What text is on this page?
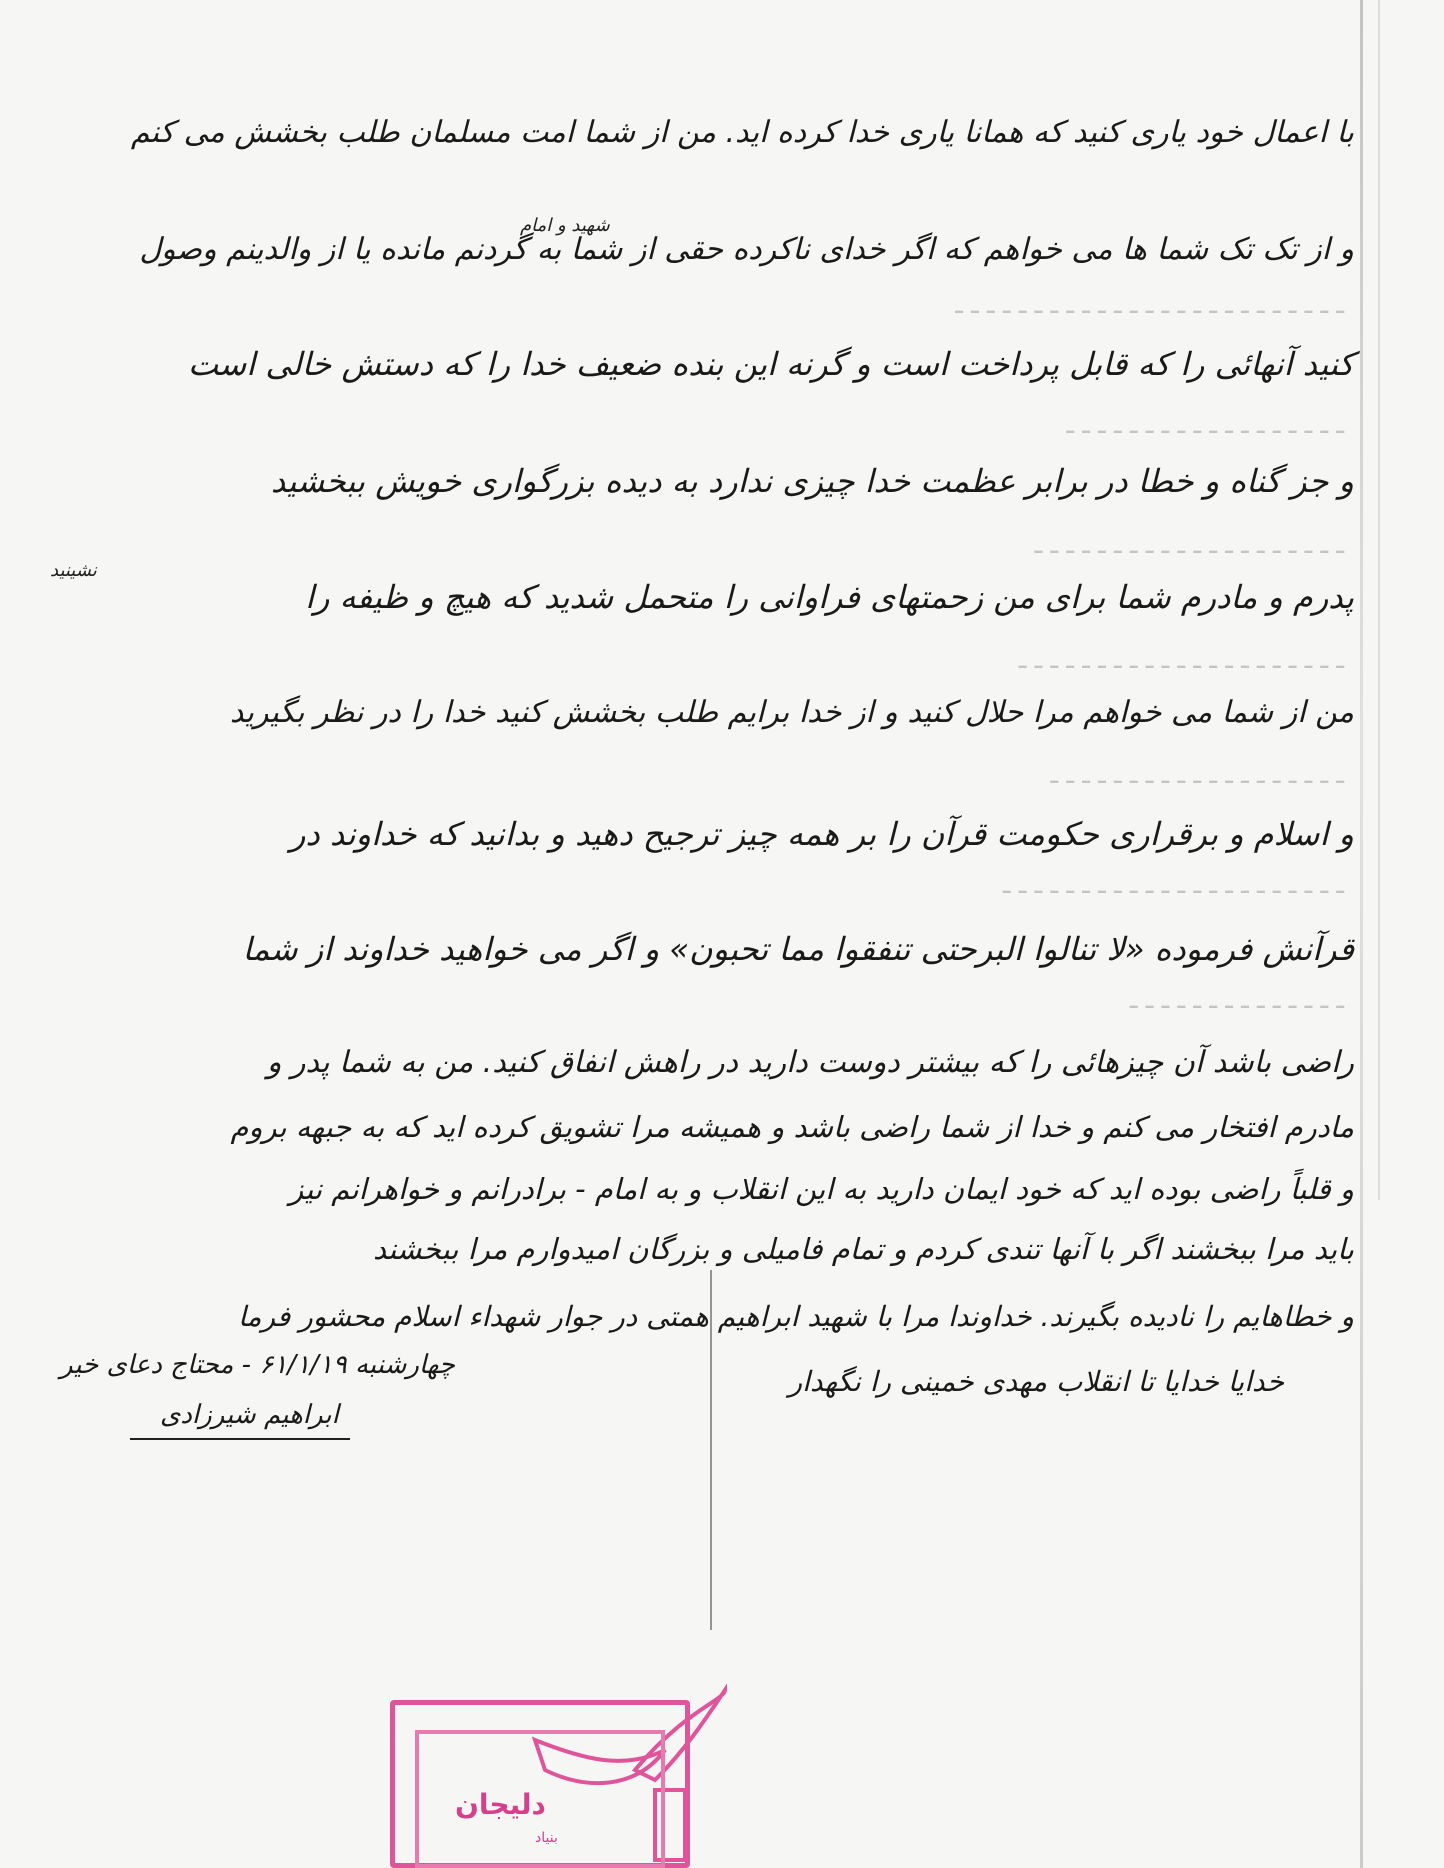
ـ ـ ـ ـ ـ ـ ـ ـ ـ ـ ـ ـ ـ ـ ـ ـ ـ ـ ـ ـ ـ ـ ـ ـ ـ
ـ ـ ـ ـ ـ ـ ـ ـ ـ ـ ـ ـ ـ ـ ـ ـ ـ ـ
ـ ـ ـ ـ ـ ـ ـ ـ ـ ـ ـ ـ ـ ـ ـ ـ ـ ـ ـ ـ
ـ ـ ـ ـ ـ ـ ـ ـ ـ ـ ـ ـ ـ ـ ـ ـ ـ ـ ـ ـ ـ
ـ ـ ـ ـ ـ ـ ـ ـ ـ ـ ـ ـ ـ ـ ـ ـ ـ ـ ـ
ـ ـ ـ ـ ـ ـ ـ ـ ـ ـ ـ ـ ـ ـ ـ ـ ـ ـ ـ ـ ـ ـ
ـ ـ ـ ـ ـ ـ ـ ـ ـ ـ ـ ـ ـ ـ
شهید و امام
نشینید
با اعمال خود یاری کنید که همانا یاری خدا کرده اید. من از شما امت مسلمان طلب بخشش می کنم
و از تک تک شما ها می خواهم که اگر خدای ناکرده حقی از شما به گردنم مانده یا از والدینم وصول
کنید آنهائی را که قابل پرداخت است و گرنه این بنده ضعیف خدا را که دستش خالی است
و جز گناه و خطا در برابر عظمت خدا چیزی ندارد به دیده بزرگواری خویش ببخشید
پدرم و مادرم شما برای من زحمتهای فراوانی را متحمل شدید که هیچ و ظیفه را
من از شما می خواهم مرا حلال کنید و از خدا برایم طلب بخشش کنید خدا را در نظر بگیرید
و اسلام و برقراری حکومت قرآن را بر همه چیز ترجیح دهید و بدانید که خداوند در
قرآنش فرموده «لا تنالوا البرحتی تنفقوا مما تحبون» و اگر می خواهید خداوند از شما
راضی باشد آن چیزهائی را که بیشتر دوست دارید در راهش انفاق کنید. من به شما پدر و
مادرم افتخار می کنم و خدا از شما راضی باشد و همیشه مرا تشویق کرده اید که به جبهه بروم
و قلباً راضی بوده اید که خود ایمان دارید به این انقلاب و به امام - برادرانم و خواهرانم نیز
باید مرا ببخشند اگر با آنها تندی کردم و تمام فامیلی و بزرگان امیدوارم مرا ببخشند
و خطاهایم را نادیده بگیرند. خداوندا مرا با شهید ابراهیم همتی در جوار شهداء اسلام محشور فرما
خدایا خدایا تا انقلاب مهدی خمینی را نگهدار
چهارشنبه ۶۱/۱/۱۹ - محتاج دعای خیر
ابراهیم شیرزادی
دلیجان
بنیاد
